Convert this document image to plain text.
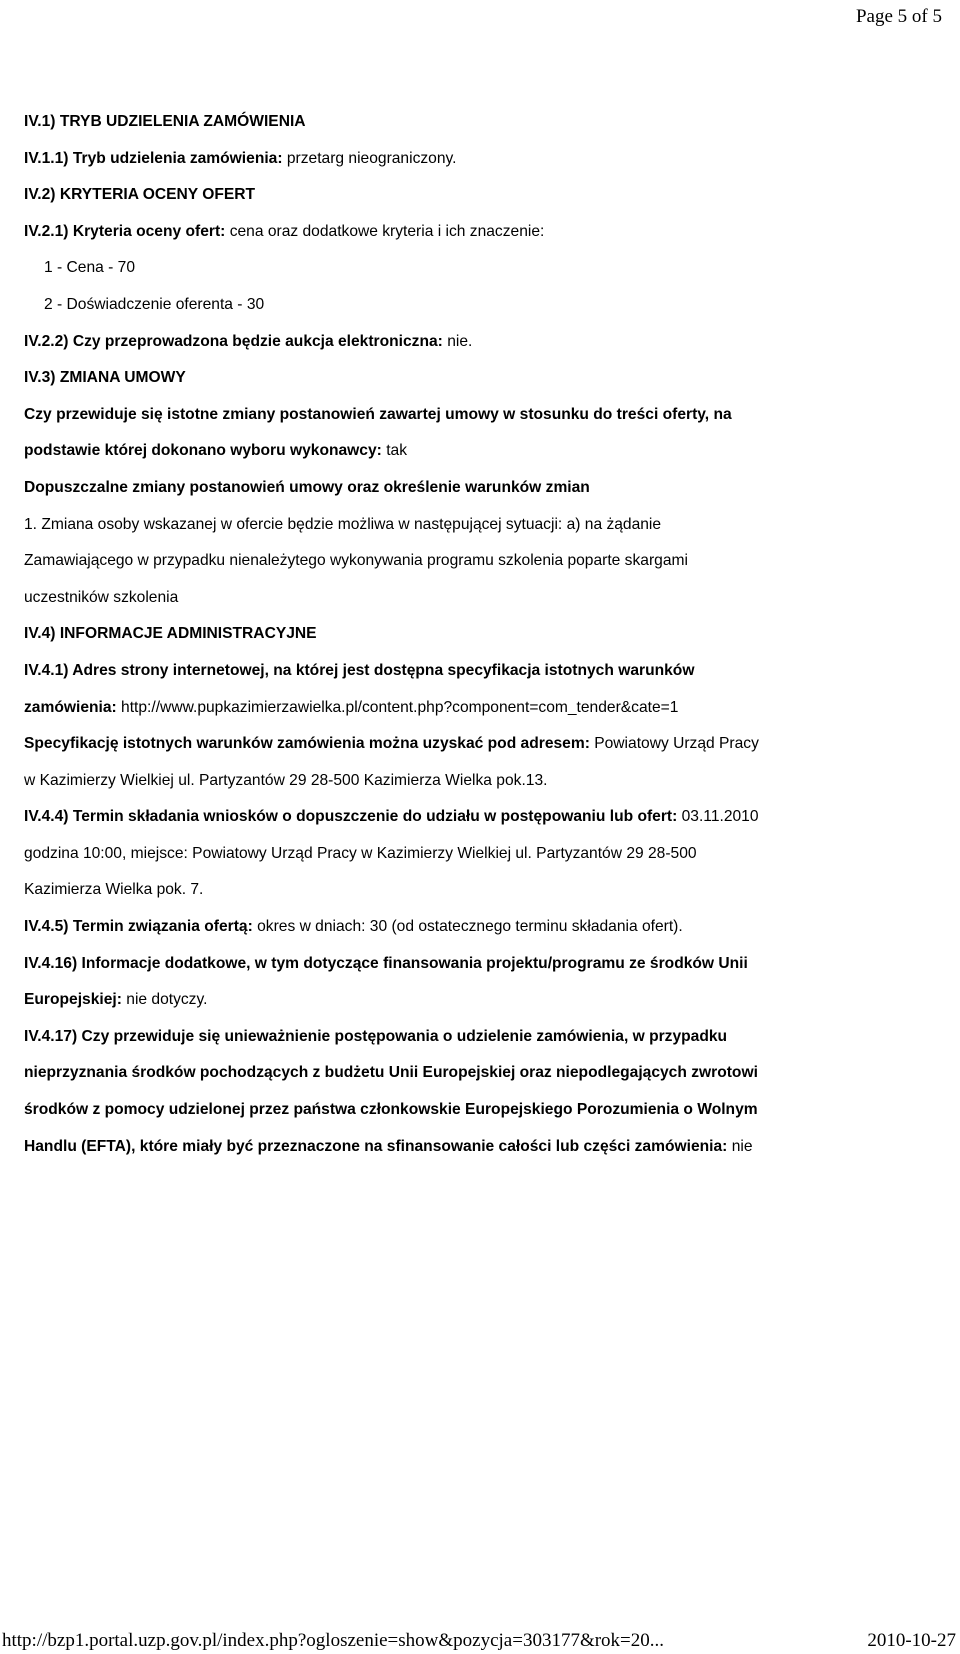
Page 5 of 5
IV.1) TRYB UDZIELENIA ZAMÓWIENIA
IV.1.1) Tryb udzielenia zamówienia: przetarg nieograniczony.
IV.2) KRYTERIA OCENY OFERT
IV.2.1) Kryteria oceny ofert: cena oraz dodatkowe kryteria i ich znaczenie:
1 - Cena - 70
2 - Doświadczenie oferenta - 30
IV.2.2) Czy przeprowadzona będzie aukcja elektroniczna: nie.
IV.3) ZMIANA UMOWY
Czy przewiduje się istotne zmiany postanowień zawartej umowy w stosunku do treści oferty, na
podstawie której dokonano wyboru wykonawcy: tak
Dopuszczalne zmiany postanowień umowy oraz określenie warunków zmian
1. Zmiana osoby wskazanej w ofercie będzie możliwa w następującej sytuacji: a) na żądanie
Zamawiającego w przypadku nienależytego wykonywania programu szkolenia poparte skargami
uczestników szkolenia
IV.4) INFORMACJE ADMINISTRACYJNE
IV.4.1) Adres strony internetowej, na której jest dostępna specyfikacja istotnych warunków
zamówienia: http://www.pupkazimierzawielka.pl/content.php?component=com_tender&cate=1
Specyfikację istotnych warunków zamówienia można uzyskać pod adresem: Powiatowy Urząd Pracy
w Kazimierzy Wielkiej ul. Partyzantów 29 28-500 Kazimierza Wielka pok.13.
IV.4.4) Termin składania wniosków o dopuszczenie do udziału w postępowaniu lub ofert: 03.11.2010
godzina 10:00, miejsce: Powiatowy Urząd Pracy w Kazimierzy Wielkiej ul. Partyzantów 29 28-500
Kazimierza Wielka pok. 7.
IV.4.5) Termin związania ofertą: okres w dniach: 30 (od ostatecznego terminu składania ofert).
IV.4.16) Informacje dodatkowe, w tym dotyczące finansowania projektu/programu ze środków Unii
Europejskiej: nie dotyczy.
IV.4.17) Czy przewiduje się unieważnienie postępowania o udzielenie zamówienia, w przypadku
nieprzyznania środków pochodzących z budżetu Unii Europejskiej oraz niepodlegających zwrotowi
środków z pomocy udzielonej przez państwa członkowskie Europejskiego Porozumienia o Wolnym
Handlu (EFTA), które miały być przeznaczone na sfinansowanie całości lub części zamówienia: nie
http://bzp1.portal.uzp.gov.pl/index.php?ogloszenie=show&pozycja=303177&rok=20...	2010-10-27
